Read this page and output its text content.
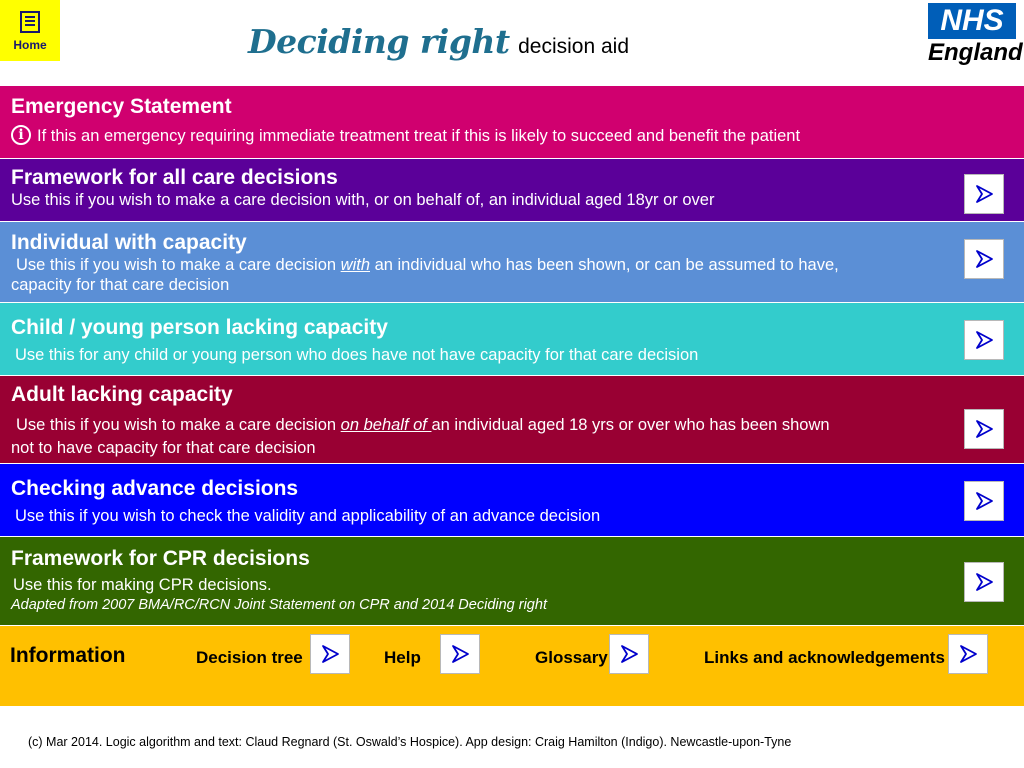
Home	Deciding right decision aid
NHS
England
Emergency Statement
i If this an emergency requiring immediate treatment treat if this is likely to succeed and benefit the patient
Framework for all care decisions
Use this if you wish to make a care decision with, or on behalf of, an individual aged 18yr or over
Individual with capacity
Use this if you wish to make a care decision with an individual who has been shown, or can be assumed to have,
capacity for that care decision
Child / young person lacking capacity
Use this for any child or young person who does have not have capacity for that care decision
Adult lacking capacity
Use this if you wish to make a care decision on behalf of an individual aged 18 yrs or over who has been shown
not to have capacity for that care decision
Checking advance decisions
Use this if you wish to check the validity and applicability of an advance decision
Framework for CPR decisions
Use this for making CPR decisions.
Adapted from 2007 BMA/RC/RCN Joint Statement on CPR and 2014 Deciding right
Information	Decision tree	Help	Glossary	Links and acknowledgements
(c) Mar 2014. Logic algorithm and text: Claud Regnard (St. Oswald’s Hospice). App design: Craig Hamilton (Indigo). Newcastle-upon-Tyne
